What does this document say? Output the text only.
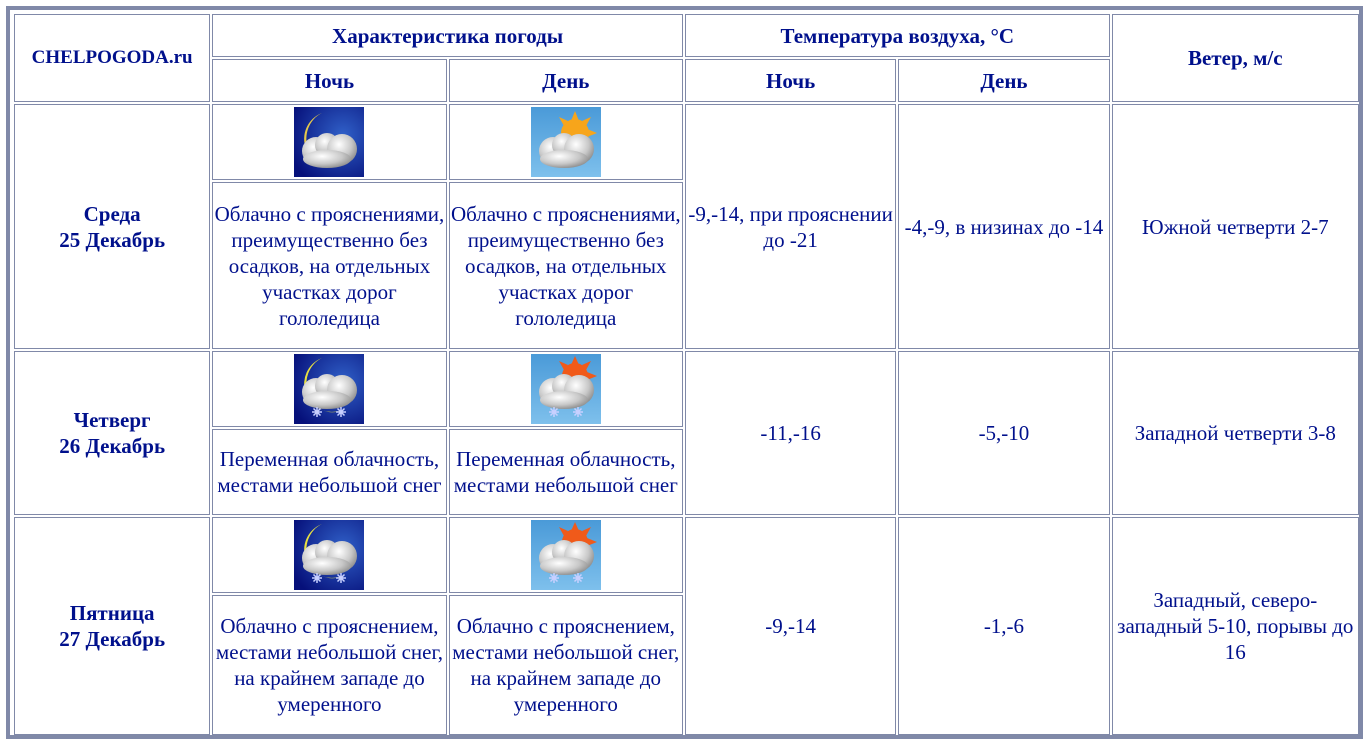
CHELPOGODA.ru	Характеристика погоды		Температура воздуха, °C		Ветер, м/с
	Ночь	День	Ночь	День	

Среда
25 Декабрь			-9,-14, при прояснении до -21	-4,-9, в низинах до -14	Южной четверти 2-7
	Облачно с прояснениями, преимущественно без осадков, на отдельных участках дорог гололедица	Облачно с прояснениями, преимущественно без осадков, на отдельных участках дорог гололедица			

Четверг
26 Декабрь			-11,-16	-5,-10	Западной четверти 3-8
	Переменная облачность, местами небольшой снег	Переменная облачность, местами небольшой снег			

Пятница
27 Декабрь			-9,-14	-1,-6	Западный, северо-западный 5-10, порывы до 16
	Облачно с прояснением, местами небольшой снег, на крайнем западе до умеренного	Облачно с прояснением, местами небольшой снег, на крайнем западе до умеренного			
